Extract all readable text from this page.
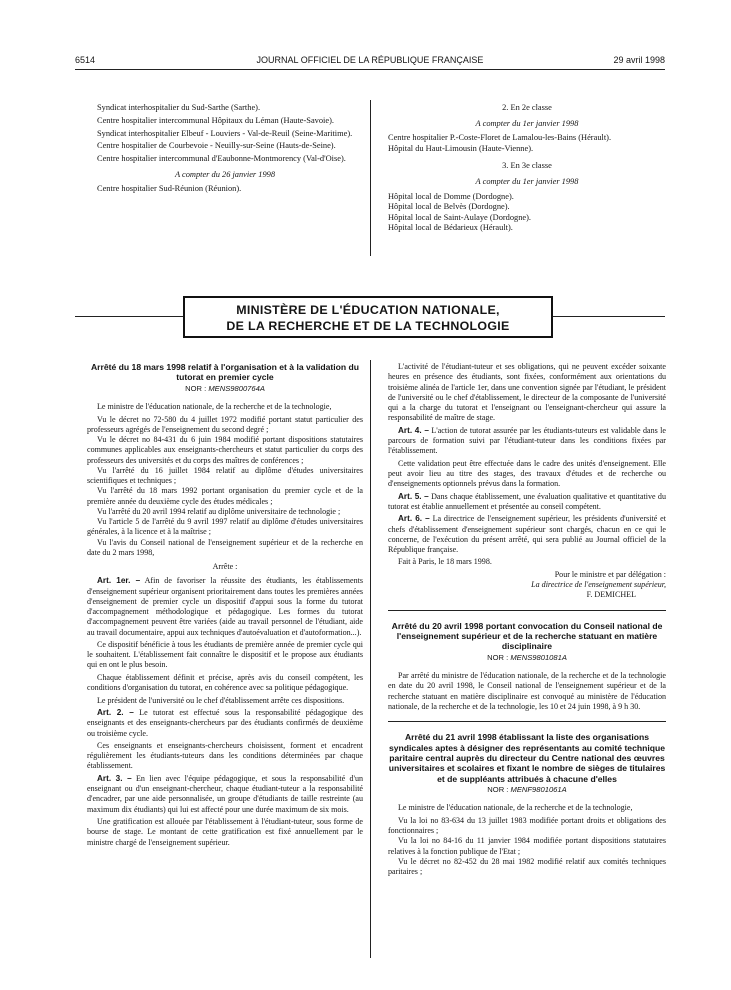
6514	JOURNAL OFFICIEL DE LA RÉPUBLIQUE FRANÇAISE	29 avril 1998

Syndicat interhospitalier du Sud-Sarthe (Sarthe).

Centre hospitalier intercommunal Hôpitaux du Léman (Haute-Savoie).

Syndicat interhospitalier Elbeuf - Louviers - Val-de-Reuil (Seine-Maritime).

Centre hospitalier de Courbevoie - Neuilly-sur-Seine (Hauts-de-Seine).

Centre hospitalier intercommunal d'Eaubonne-Montmorency (Val-d'Oise).

A compter du 26 janvier 1998

Centre hospitalier Sud-Réunion (Réunion).

2. En 2e classe

A compter du 1er janvier 1998

Centre hospitalier P.-Coste-Floret de Lamalou-les-Bains (Hérault).

Hôpital du Haut-Limousin (Haute-Vienne).

3. En 3e classe

A compter du 1er janvier 1998

Hôpital local de Domme (Dordogne).

Hôpital local de Belvès (Dordogne).

Hôpital local de Saint-Aulaye (Dordogne).

Hôpital local de Bédarieux (Hérault).

MINISTÈRE DE L'ÉDUCATION NATIONALE,
DE LA RECHERCHE ET DE LA TECHNOLOGIE
Arrêté du 18 mars 1998 relatif à l'organisation et à la validation du tutorat en premier cycle
NOR : MENS9800764A

Le ministre de l'éducation nationale, de la recherche et de la technologie,

Vu le décret no 72-580 du 4 juillet 1972 modifié portant statut particulier des professeurs agrégés de l'enseignement du second degré ;

Vu le décret no 84-431 du 6 juin 1984 modifié portant dispositions statutaires communes applicables aux enseignants-chercheurs et statut particulier du corps des professeurs des universités et du corps des maîtres de conférences ;

Vu l'arrêté du 16 juillet 1984 relatif au diplôme d'études universitaires scientifiques et techniques ;

Vu l'arrêté du 18 mars 1992 portant organisation du premier cycle et de la première année du deuxième cycle des études médicales ;

Vu l'arrêté du 20 avril 1994 relatif au diplôme universitaire de technologie ;

Vu l'article 5 de l'arrêté du 9 avril 1997 relatif au diplôme d'études universitaires générales, à la licence et à la maîtrise ;

Vu l'avis du Conseil national de l'enseignement supérieur et de la recherche en date du 2 mars 1998,

Arrête :

Art. 1er. – Afin de favoriser la réussite des étudiants, les établissements d'enseignement supérieur organisent prioritairement dans toutes les premières années d'enseignement de premier cycle un dispositif d'appui sous la forme du tutorat d'accompagnement méthodologique et pédagogique. Les formes du tutorat d'accompagnement peuvent être variées (aide au travail personnel de l'étudiant, aide au travail documentaire, appui aux techniques d'autoévaluation et d'autoformation...).

Ce dispositif bénéficie à tous les étudiants de première année de premier cycle qui le souhaitent. L'établissement fait connaître le dispositif et le propose aux étudiants qui en ont le plus besoin.

Chaque établissement définit et précise, après avis du conseil compétent, les conditions d'organisation du tutorat, en cohérence avec sa politique pédagogique.

Le président de l'université ou le chef d'établissement arrête ces dispositions.

Art. 2. – Le tutorat est effectué sous la responsabilité pédagogique des enseignants et des enseignants-chercheurs par des étudiants confirmés de deuxième ou troisième cycle.

Ces enseignants et enseignants-chercheurs choisissent, forment et encadrent régulièrement les étudiants-tuteurs dans les conditions déterminées par chaque établissement.

Art. 3. – En lien avec l'équipe pédagogique, et sous la responsabilité d'un enseignant ou d'un enseignant-chercheur, chaque étudiant-tuteur a la responsabilité d'encadrer, par une aide personnalisée, un groupe d'étudiants de taille restreinte (au maximum dix étudiants) qui lui est affecté pour une durée maximum de six mois.

Une gratification est allouée par l'établissement à l'étudiant-tuteur, sous forme de bourse de stage. Le montant de cette gratification est fixé annuellement par le ministre chargé de l'enseignement supérieur.

L'activité de l'étudiant-tuteur et ses obligations, qui ne peuvent excéder soixante heures en présence des étudiants, sont fixées, conformément aux orientations du troisième alinéa de l'article 1er, dans une convention signée par l'étudiant, le président de l'université ou le chef d'établissement, le directeur de la composante de l'université qui a la charge du tutorat et l'enseignant ou l'enseignant-chercheur qui assure la responsabilité de maître de stage.

Art. 4. – L'action de tutorat assurée par les étudiants-tuteurs est validable dans le parcours de formation suivi par l'étudiant-tuteur dans les conditions fixées par l'établissement.

Cette validation peut être effectuée dans le cadre des unités d'enseignement. Elle peut avoir lieu au titre des stages, des travaux d'études et de recherche ou d'enseignements optionnels prévus dans la formation.

Art. 5. – Dans chaque établissement, une évaluation qualitative et quantitative du tutorat est établie annuellement et présentée au conseil compétent.

Art. 6. – La directrice de l'enseignement supérieur, les présidents d'université et chefs d'établissement d'enseignement supérieur sont chargés, chacun en ce qui le concerne, de l'exécution du présent arrêté, qui sera publié au Journal officiel de la République française.

Fait à Paris, le 18 mars 1998.

Pour le ministre et par délégation :

La directrice de l'enseignement supérieur,

F. DEMICHEL

Arrêté du 20 avril 1998 portant convocation du Conseil national de l'enseignement supérieur et de la recherche statuant en matière disciplinaire
NOR : MENS9801081A

Par arrêté du ministre de l'éducation nationale, de la recherche et de la technologie en date du 20 avril 1998, le Conseil national de l'enseignement supérieur et de la recherche statuant en matière disciplinaire est convoqué au ministère de l'éducation nationale, de la recherche et de la technologie, les 10 et 24 juin 1998, à 9 h 30.

Arrêté du 21 avril 1998 établissant la liste des organisations syndicales aptes à désigner des représentants au comité technique paritaire central auprès du directeur du Centre national des œuvres universitaires et scolaires et fixant le nombre de sièges de titulaires et de suppléants attribués à chacune d'elles
NOR : MENF9801061A

Le ministre de l'éducation nationale, de la recherche et de la technologie,

Vu la loi no 83-634 du 13 juillet 1983 modifiée portant droits et obligations des fonctionnaires ;

Vu la loi no 84-16 du 11 janvier 1984 modifiée portant dispositions statutaires relatives à la fonction publique de l'Etat ;

Vu le décret no 82-452 du 28 mai 1982 modifié relatif aux comités techniques paritaires ;
